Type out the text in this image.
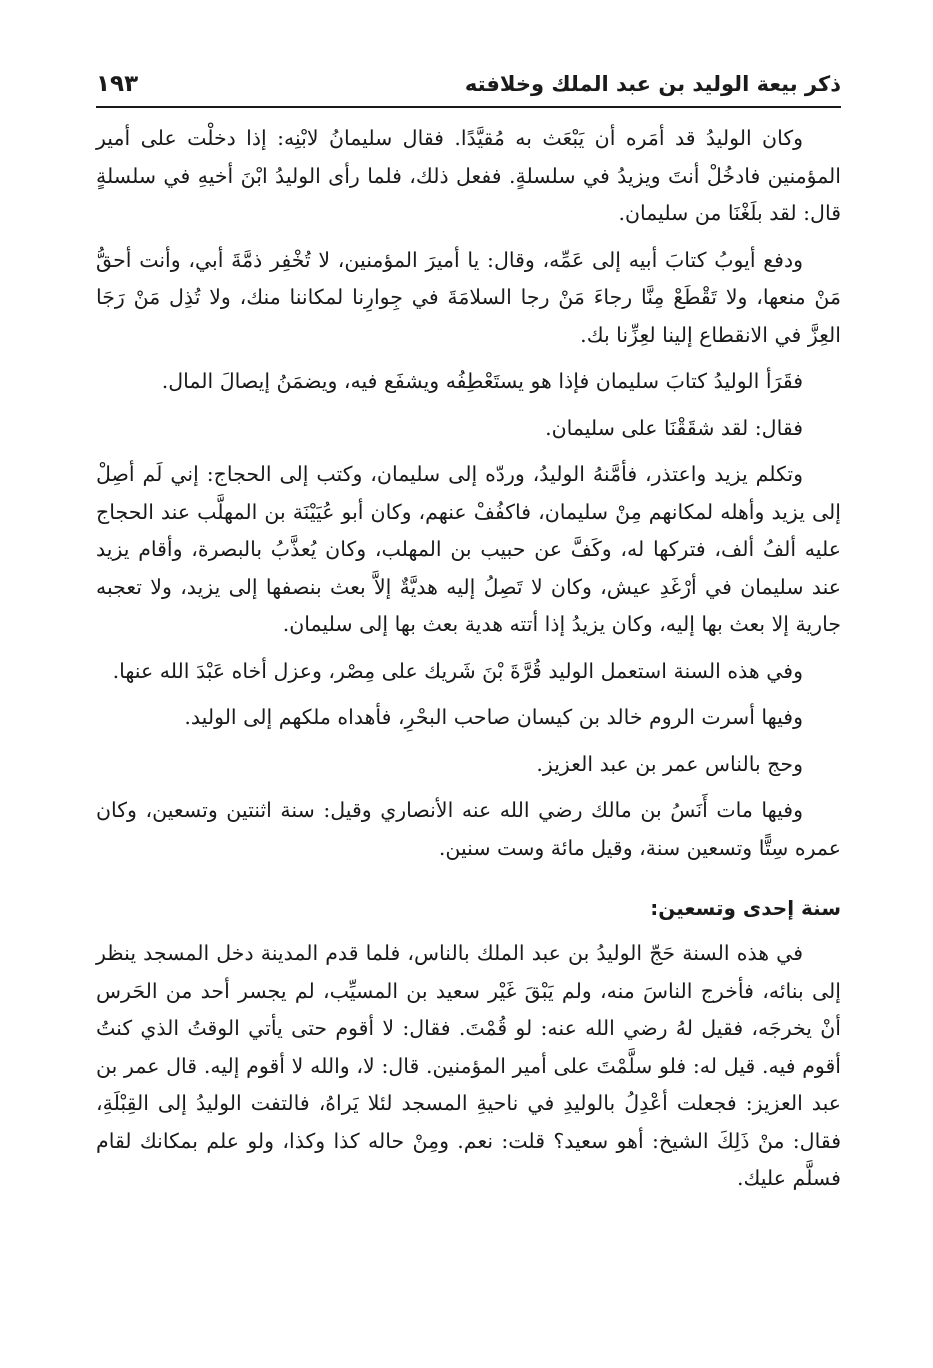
ذكر بيعة الوليد بن عبد الملك وخلافته
١٩٣

وكان الوليدُ قد أمَره أن يَبْعَث به مُقيَّدًا. فقال سليمانُ لابْنِه: إذا دخلْت على أمير المؤمنين فادخُلْ أنتَ ويزيدُ في سلسلةٍ. ففعل ذلك، فلما رأى الوليدُ ابْنَ أخيهِ في سلسلةٍ قال: لقد بلَغْنَا من سليمان.

ودفع أيوبُ كتابَ أبيه إلى عَمِّه، وقال: يا أميرَ المؤمنين، لا تُخْفِر ذمَّةَ أبي، وأنت أحقُّ مَنْ منعها، ولا تَقْطَعْ مِنَّا رجاءَ مَنْ رجا السلامَةَ في جِوارِنا لمكاننا منك، ولا تُذِل مَنْ رَجَا العِزَّ في الانقطاع إلينا لعِزِّنا بك.

فقَرَأ الوليدُ كتابَ سليمان فإذا هو يستَعْطِفُه ويشفَع فيه، ويضمَنُ إيصالَ المال.

فقال: لقد شقَقْنَا على سليمان.

وتكلم يزيد واعتذر، فأمَّنهُ الوليدُ، وردّه إلى سليمان، وكتب إلى الحجاج: إني لَم أصِلْ إلى يزيد وأهله لمكانهم مِنْ سليمان، فاكفُفْ عنهم، وكان أبو عُيَيْنَة بن المهلَّب عند الحجاج عليه ألفُ ألف، فتركها له، وكَفَّ عن حبيب بن المهلب، وكان يُعذَّبُ بالبصرة، وأقام يزيد عند سليمان في أرْغَدِ عيش، وكان لا تَصِلُ إليه هديَّةٌ إلاَّ بعث بنصفها إلى يزيد، ولا تعجبه جارية إلا بعث بها إليه، وكان يزيدُ إذا أتته هدية بعث بها إلى سليمان.

وفي هذه السنة استعمل الوليد قُرَّةَ بْنَ شَريك على مِصْر، وعزل أخاه عَبْدَ الله عنها.

وفيها أسرت الروم خالد بن كيسان صاحب البحْرِ، فأهداه ملكهم إلى الوليد.

وحج بالناس عمر بن عبد العزيز.

وفيها مات أَنَسُ بن مالك رضي الله عنه الأنصاري وقيل: سنة اثنتين وتسعين، وكان عمره سِتًّا وتسعين سنة، وقيل مائة وست سنين.

سنة إحدى وتسعين:

في هذه السنة حَجّ الوليدُ بن عبد الملك بالناس، فلما قدم المدينة دخل المسجد ينظر إلى بنائه، فأخرج الناسَ منه، ولم يَبْقَ غَيْر سعيد بن المسيِّب، لم يجسر أحد من الحَرس أنْ يخرجَه، فقيل لهُ رضي الله عنه: لو قُمْتَ. فقال: لا أقوم حتى يأتي الوقتُ الذي كنتُ أقوم فيه. قيل له: فلو سلَّمْتَ على أمير المؤمنين. قال: لا، والله لا أقوم إليه. قال عمر بن عبد العزيز: فجعلت أعْدِلُ بالوليدِ في ناحيةِ المسجد لئلا يَراهُ، فالتفت الوليدُ إلى القِبْلَةِ، فقال: منْ ذَلِكَ الشيخ: أهو سعيد؟ قلت: نعم. ومِنْ حاله كذا وكذا، ولو علم بمكانك لقام فسلَّم عليك.
